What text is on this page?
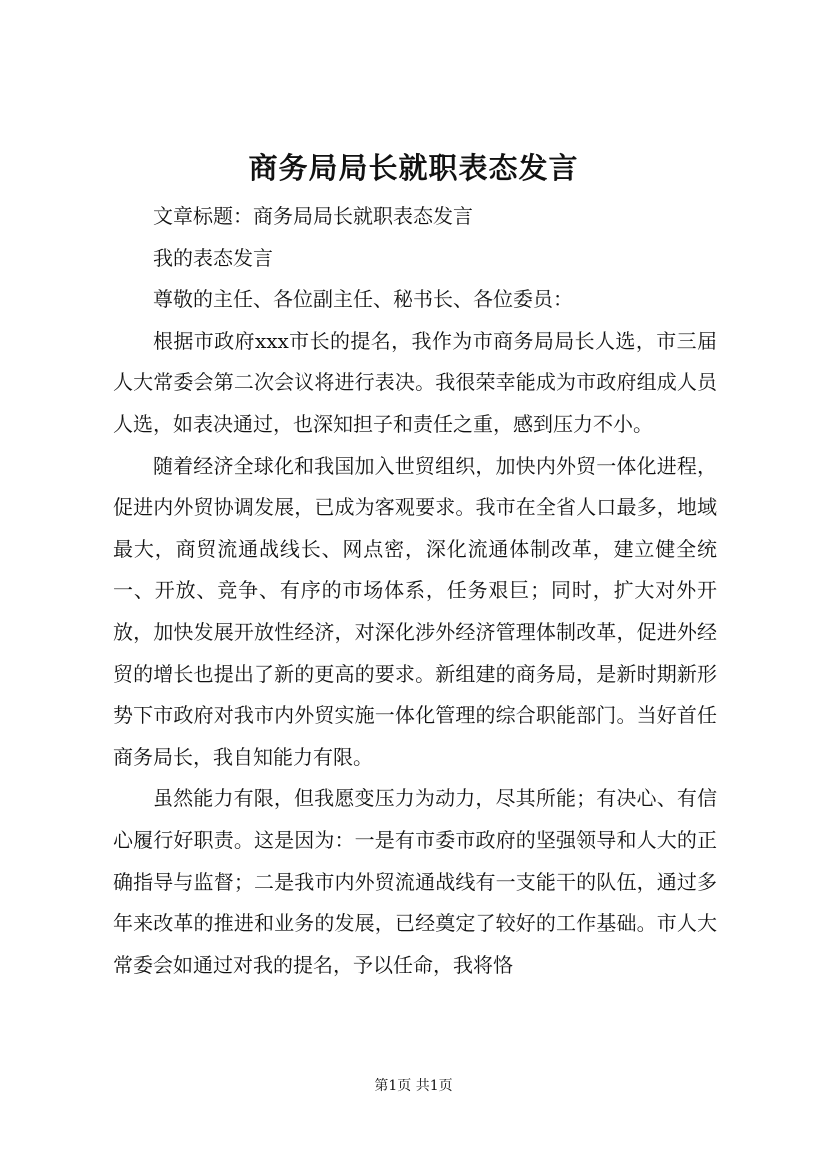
商务局局长就职表态发言

文章标题：商务局局长就职表态发言

我的表态发言

尊敬的主任、各位副主任、秘书长、各位委员：

根据市政府xxx市长的提名，我作为市商务局局长人选，市三届人大常委会第二次会议将进行表决。我很荣幸能成为市政府组成人员人选，如表决通过，也深知担子和责任之重，感到压力不小。

随着经济全球化和我国加入世贸组织，加快内外贸一体化进程，促进内外贸协调发展，已成为客观要求。我市在全省人口最多，地域最大，商贸流通战线长、网点密，深化流通体制改革，建立健全统一、开放、竞争、有序的市场体系，任务艰巨；同时，扩大对外开放，加快发展开放性经济，对深化涉外经济管理体制改革，促进外经贸的增长也提出了新的更高的要求。新组建的商务局，是新时期新形势下市政府对我市内外贸实施一体化管理的综合职能部门。当好首任商务局长，我自知能力有限。

虽然能力有限，但我愿变压力为动力，尽其所能；有决心、有信心履行好职责。这是因为：一是有市委市政府的坚强领导和人大的正确指导与监督；二是我市内外贸流通战线有一支能干的队伍，通过多年来改革的推进和业务的发展，已经奠定了较好的工作基础。市人大常委会如通过对我的提名，予以任命，我将恪

第1页 共1页
